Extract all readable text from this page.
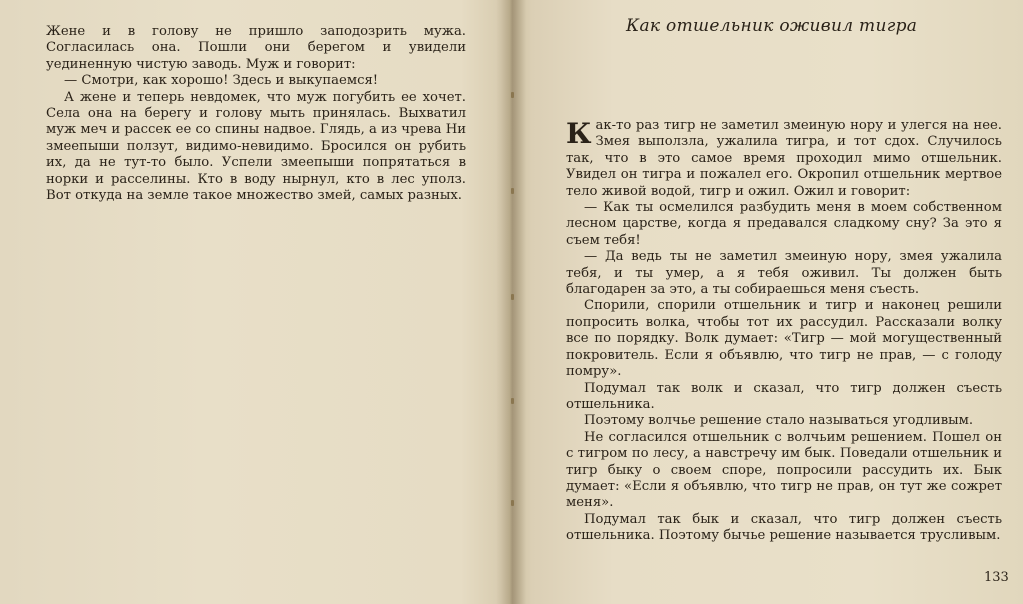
Жене и в голову не пришло заподозрить мужа. Согласилась она. Пошли они берегом и увидели уединенную чистую заводь. Муж и говорит:

— Смотри, как хорошо! Здесь и выкупаемся!

А жене и теперь невдомек, что муж погубить ее хочет. Села она на берегу и голову мыть принялась. Выхватил муж меч и рассек ее со спины надвое. Глядь, а из чрева Ни змеепыши ползут, видимо-невидимо. Бросился он рубить их, да не тут-то было. Успели змеепыши попрятаться в норки и расселины. Кто в воду нырнул, кто в лес уполз. Вот откуда на земле такое множество змей, самых разных.

Как отшельник оживил тигра

Как-то раз тигр не заметил змеиную нору и улегся на нее. Змея выползла, ужалила тигра, и тот сдох. Случилось так, что в это самое время проходил мимо отшельник. Увидел он тигра и пожалел его. Окропил отшельник мертвое тело живой водой, тигр и ожил. Ожил и говорит:

— Как ты осмелился разбудить меня в моем собственном лесном царстве, когда я предавался сладкому сну? За это я съем тебя!

— Да ведь ты не заметил змеиную нору, змея ужалила тебя, и ты умер, а я тебя оживил. Ты должен быть благодарен за это, а ты собираешься меня съесть.

Спорили, спорили отшельник и тигр и наконец решили попросить волка, чтобы тот их рассудил. Рассказали волку все по порядку. Волк думает: «Тигр — мой могущественный покровитель. Если я объявлю, что тигр не прав, — с голоду помру».

Подумал так волк и сказал, что тигр должен съесть отшельника.

Поэтому волчье решение стало называться угодливым.

Не согласился отшельник с волчьим решением. Пошел он с тигром по лесу, а навстречу им бык. Поведали отшельник и тигр быку о своем споре, попросили рассудить их. Бык думает: «Если я объявлю, что тигр не прав, он тут же сожрет меня».

Подумал так бык и сказал, что тигр должен съесть отшельника. Поэтому бычье решение называется трусливым.

133
